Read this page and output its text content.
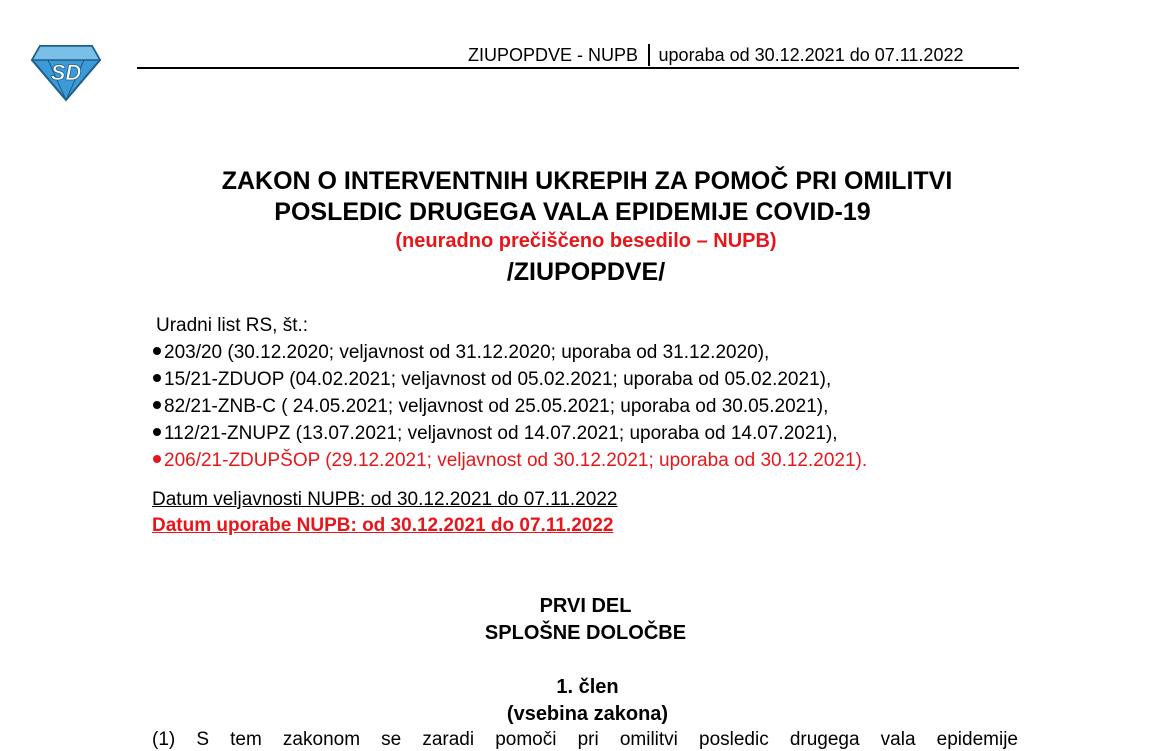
SD
ZIUPOPDVE - NUPB uporaba od 30.12.2021 do 07.11.2022
ZAKON O INTERVENTNIH UKREPIH ZA POMOČ PRI OMILITVI
POSLEDIC DRUGEGA VALA EPIDEMIJE COVID-19
(neuradno prečiščeno besedilo – NUPB)
/ZIUPOPDVE/
Uradni list RS, št.:
203/20 (30.12.2020; veljavnost od 31.12.2020; uporaba od 31.12.2020),
15/21-ZDUOP (04.02.2021; veljavnost od 05.02.2021; uporaba od 05.02.2021),
82/21-ZNB-C ( 24.05.2021; veljavnost od 25.05.2021; uporaba od 30.05.2021),
112/21-ZNUPZ (13.07.2021; veljavnost od 14.07.2021; uporaba od 14.07.2021),
206/21-ZDUPŠOP (29.12.2021; veljavnost od 30.12.2021; uporaba od 30.12.2021).
Datum veljavnosti NUPB: od 30.12.2021 do 07.11.2022
Datum uporabe NUPB: od 30.12.2021 do 07.11.2022
PRVI DEL
SPLOŠNE DOLOČBE
1. člen
(vsebina zakona)
(1) S tem zakonom se zaradi pomoči pri omilitvi posledic drugega vala epidemije
